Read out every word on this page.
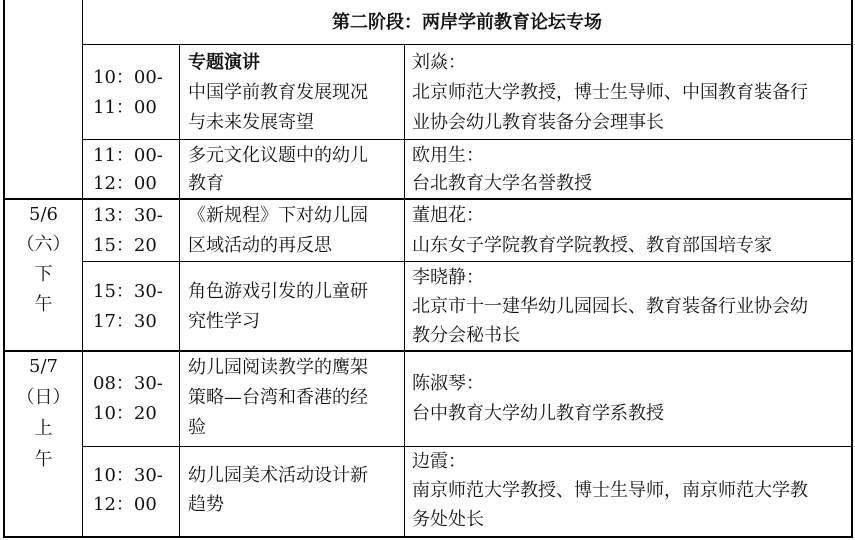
第二阶段：两岸学前教育论坛专场
5/6
（六）
下
午
5/7
（日）
上
午
10：00-
11：00
专题演讲
中国学前教育发展现况
与未来发展寄望
刘焱：
北京师范大学教授，博士生导师、中国教育装备行
业协会幼儿教育装备分会理事长
11：00-
12：00
多元文化议题中的幼儿
教育
欧用生：
台北教育大学名誉教授
13：30-
15：20
《新规程》下对幼儿园
区域活动的再反思
董旭花：
山东女子学院教育学院教授、教育部国培专家
15：30-
17：30
角色游戏引发的儿童研
究性学习
李晓静：
北京市十一建华幼儿园园长、教育装备行业协会幼
教分会秘书长
08：30-
10：20
幼儿园阅读教学的鹰架
策略—台湾和香港的经
验
陈淑琴：
台中教育大学幼儿教育学系教授
10：30-
12：00
幼儿园美术活动设计新
趋势
边霞：
南京师范大学教授、博士生导师，南京师范大学教
务处处长
